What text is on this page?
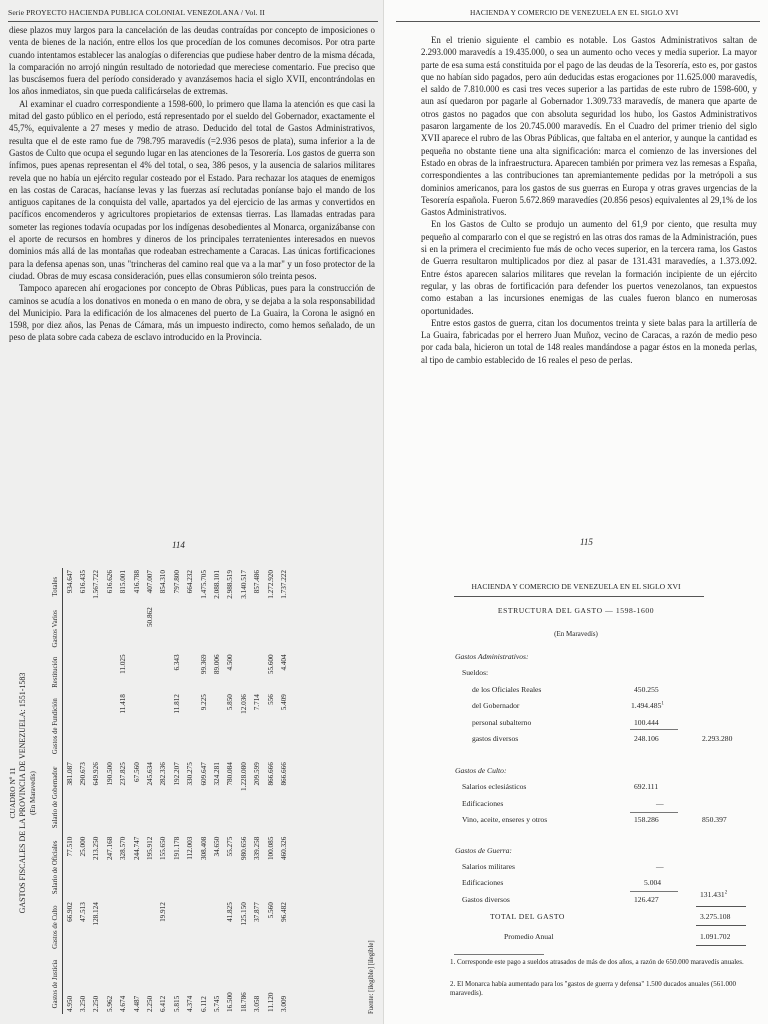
Serie PROYECTO HACIENDA PUBLICA COLONIAL VENEZOLANA / Vol. II

diese plazos muy largos para la cancelación de las deudas contraídas por concepto de imposiciones o venta de bienes de la nación, entre ellos los que procedían de los comunes decomisos. Por otra parte cuando intentamos establecer las analogías o diferencias que pudiese haber dentro de la misma década, la comparación no arrojó ningún resultado de notoriedad que mereciese comentario. Fue preciso que las buscásemos fuera del período considerado y avanzásemos hacia el siglo XVII, encontrándolas en los años inmediatos, sin que pueda calificárselas de extremas.

Al examinar el cuadro correspondiente a 1598-600, lo primero que llama la atención es que casi la mitad del gasto público en el período, está representado por el sueldo del Gobernador, exactamente el 45,7%, equivalente a 27 meses y medio de atraso. Deducido del total de Gastos Administrativos, resulta que el de este ramo fue de 798.795 maravedís (=2.936 pesos de plata), suma inferior a la de Gastos de Culto que ocupa el segundo lugar en las atenciones de la Tesorería. Los gastos de guerra son ínfimos, pues apenas representan el 4% del total, o sea, 386 pesos, y la ausencia de salarios militares revela que no había un ejército regular costeado por el Estado. Para rechazar los ataques de enemigos en las costas de Caracas, hacíanse levas y las fuerzas así reclutadas poníanse bajo el mando de los antiguos capitanes de la conquista del valle, apartados ya del ejercicio de las armas y convertidos en pacíficos encomenderos y agricultores propietarios de extensas tierras. Las llamadas entradas para someter las regiones todavía ocupadas por los indígenas desobedientes al Monarca, organizábanse con el aporte de recursos en hombres y dineros de los principales terratenientes interesados en nuevos dominios más allá de las montañas que rodeaban estrechamente a Caracas. Las únicas fortificaciones para la defensa apenas son, unas "trincheras del camino real que va a la mar" y un foso protector de la ciudad. Obras de muy escasa consideración, pues ellas consumieron sólo treinta pesos.

Tampoco aparecen ahí erogaciones por concepto de Obras Públicas, pues para la construcción de caminos se acudía a los donativos en moneda o en mano de obra, y se dejaba a la sola responsabilidad del Municipio. Para la edificación de los almacenes del puerto de La Guaira, la Corona le asignó en 1598, por diez años, las Penas de Cámara, más un impuesto indirecto, como hemos señalado, de un peso de plata sobre cada cabeza de esclavo introducido en la Provincia.

114
CUADRO Nº 11 GASTOS FISCALES DE LA PROVINCIA DE VENEZUELA: 1551-1583 (En Maravedís)
Gastos de Justicia	Gastos de Culto	Salario de Oficiales	Salario de Gobernador	Gastos de Fundición	Restitución	Gastos Varios	Totales
4.950	66.902	77.510	381.087				934.647
3.250	47.513	25.000	290.673				616.435
2.250	128.124	213.250	649.926				1.567.722
5.962		247.168	190.500				616.626
4.674		328.570	237.825	11.418	11.025		815.001
4.487		244.747	67.560				416.788
2.250		195.912	245.634			50.862	407.007
6.412	19.912	155.650	282.336				854.310
5.815		191.178	192.207	11.812	6.343		797.800
4.374		112.003	330.275				664.232
6.112		308.408	609.647	9.225	99.369		1.475.705
5.745		34.650	324.281		89.006		2.088.101
16.500	41.825	55.275	780.084	5.850	4.500		2.988.519
18.786	125.150	980.656	1.228.080	12.036			3.140.517
3.058	37.877	339.258	209.599	7.714			857.486
11.120	5.560	100.085	866.666	556	55.600		1.272.920
3.009	96.482	460.326	866.666	5.409	4.404		1.737.222
Fuente: [ilegible] [ilegible]
HACIENDA Y COMERCIO DE VENEZUELA EN EL SIGLO XVI

En el trienio siguiente el cambio es notable. Los Gastos Administrativos saltan de 2.293.000 maravedís a 19.435.000, o sea un aumento ocho veces y media superior. La mayor parte de esa suma está constituida por el pago de las deudas de la Tesorería, esto es, por gastos que no habían sido pagados, pero aún deducidas estas erogaciones por 11.625.000 maravedís, el saldo de 7.810.000 es casi tres veces superior a las partidas de este rubro de 1598-600, y aun así quedaron por pagarle al Gobernador 1.309.733 maravedís, de manera que aparte de otros gastos no pagados que con absoluta seguridad los hubo, los Gastos Administrativos pasaron largamente de los 20.745.000 maravedís. En el Cuadro del primer trienio del siglo XVII aparece el rubro de las Obras Públicas, que faltaba en el anterior, y aunque la cantidad es pequeña no obstante tiene una alta significación: marca el comienzo de las inversiones del Estado en obras de la infraestructura. Aparecen también por primera vez las remesas a España, correspondientes a las contribuciones tan apremiantemente pedidas por la metrópoli a sus dominios americanos, para los gastos de sus guerras en Europa y otras graves urgencias de la Tesorería española. Fueron 5.672.869 maravedíes (20.856 pesos) equivalentes al 29,1% de los Gastos Administrativos.

En los Gastos de Culto se produjo un aumento del 61,9 por ciento, que resulta muy pequeño al compararlo con el que se registró en las otras dos ramas de la Administración, pues si en la primera el crecimiento fue más de ocho veces superior, en la tercera rama, los Gastos de Guerra resultaron multiplicados por diez al pasar de 131.431 maravedíes, a 1.373.092. Entre éstos aparecen salarios militares que revelan la formación incipiente de un ejército regular, y las obras de fortificación para defender los puertos venezolanos, tan expuestos como estaban a las incursiones enemigas de las cuales fueron blanco en numerosas oportunidades.

Entre estos gastos de guerra, citan los documentos treinta y siete balas para la artillería de La Guaira, fabricadas por el herrero Juan Muñoz, vecino de Caracas, a razón de medio peso por cada bala, hicieron un total de 148 reales mandándose a pagar éstos en la moneda perlas, al tipo de cambio establecido de 16 reales el peso de perlas.

115
HACIENDA Y COMERCIO DE VENEZUELA EN EL SIGLO XVI
ESTRUCTURA DEL GASTO — 1598-1600
(En Maravedís)
Gastos Administrativos:
Sueldos:
de los Oficiales Reales	450.255
del Gobernador	1.494.485$^1$
personal subalterno	100.444
gastos diversos	248.106	2.293.280
Gastos de Culto:
Salarios eclesiásticos	692.111
Edificaciones	—
Vino, aceite, enseres y otros	158.286	850.397
Gastos de Guerra:
Salarios militares	—
Edificaciones	5.004
Gastos diversos	126.427
131.431$^2$
TOTAL DEL GASTO	3.275.108
Promedio Anual	1.091.702
1. Corresponde este pago a sueldos atrasados de más de dos años, a razón de 650.000 maravedís anuales.
2. El Monarca había aumentado para los "gastos de guerra y defensa" 1.500 ducados anuales (561.000 maravedís).
